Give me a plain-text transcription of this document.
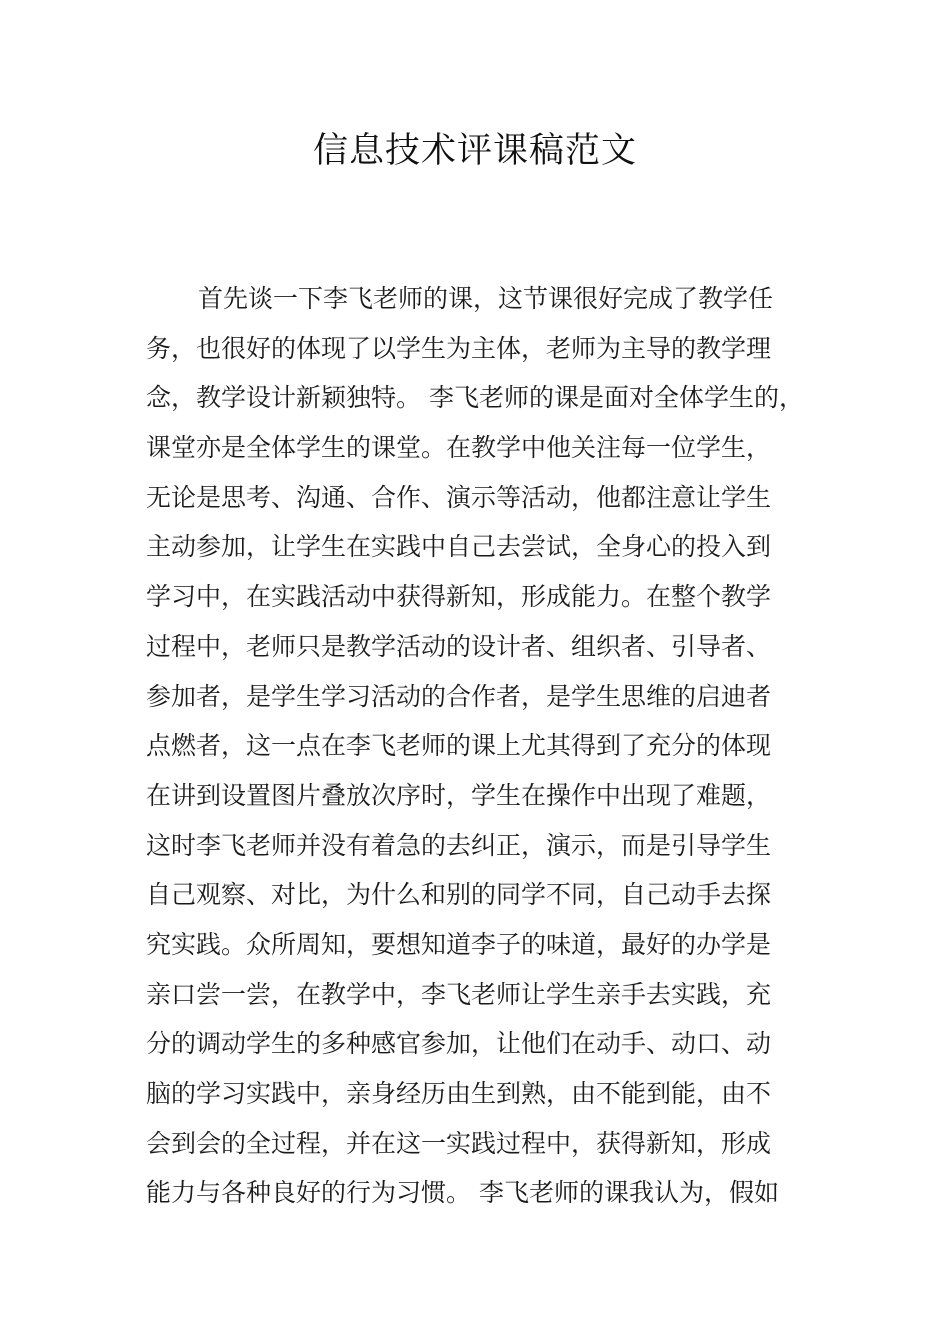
信息技术评课稿范文
首先谈一下李飞老师的课，这节课很好完成了教学任
务，也很好的体现了以学生为主体，老师为主导的教学理
念，教学设计新颖独特。 李飞老师的课是面对全体学生的，
课堂亦是全体学生的课堂。在教学中他关注每一位学生，
无论是思考、沟通、合作、演示等活动，他都注意让学生
主动参加，让学生在实践中自己去尝试，全身心的投入到
学习中，在实践活动中获得新知，形成能力。在整个教学
过程中，老师只是教学活动的设计者、组织者、引导者、
参加者，是学生学习活动的合作者，是学生思维的启迪者
点燃者，这一点在李飞老师的课上尤其得到了充分的体现
在讲到设置图片叠放次序时，学生在操作中出现了难题，
这时李飞老师并没有着急的去纠正，演示，而是引导学生
自己观察、对比，为什么和别的同学不同，自己动手去探
究实践。众所周知，要想知道李子的味道，最好的办学是
亲口尝一尝，在教学中，李飞老师让学生亲手去实践，充
分的调动学生的多种感官参加，让他们在动手、动口、动
脑的学习实践中，亲身经历由生到熟，由不能到能，由不
会到会的全过程，并在这一实践过程中，获得新知，形成
能力与各种良好的行为习惯。 李飞老师的课我认为，假如
